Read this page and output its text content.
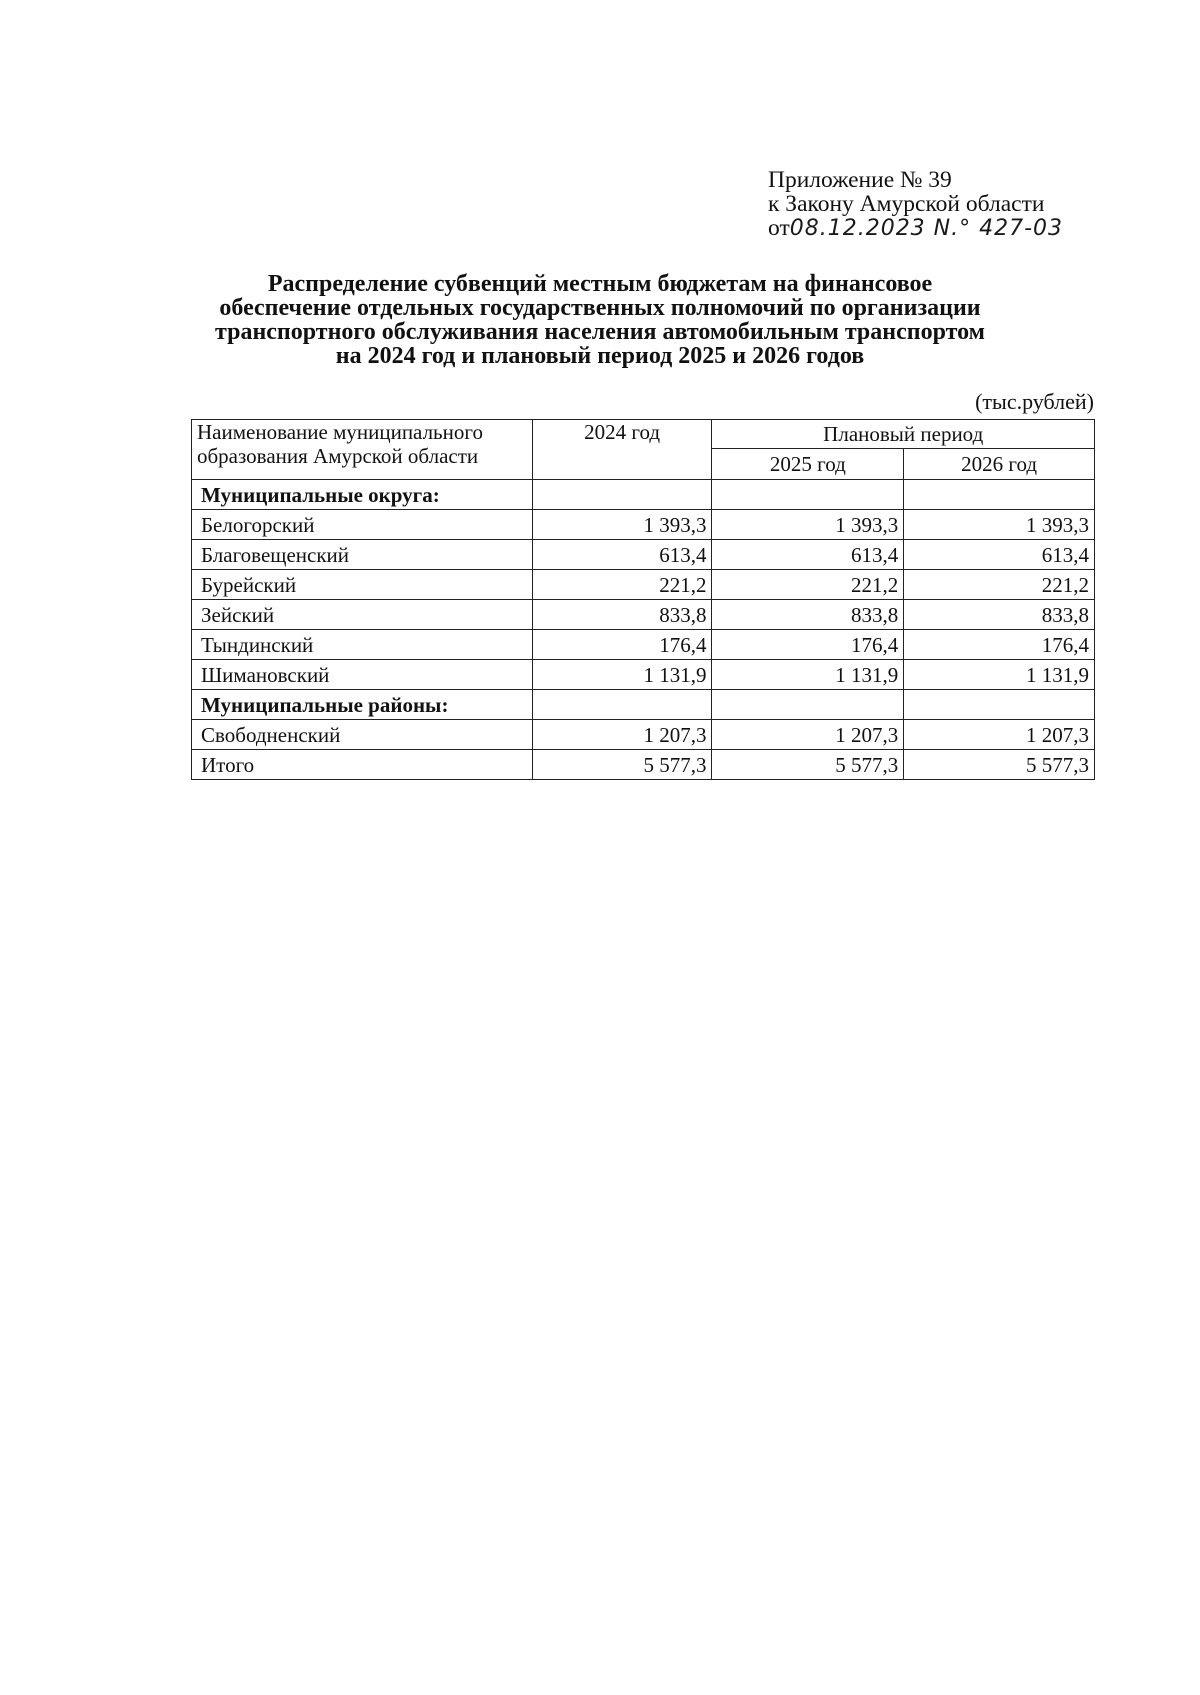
Приложение № 39
к Закону Амурской области
от08.12.2023 N.° 427-03
Распределение субвенций местным бюджетам на финансовое
обеспечение отдельных государственных полномочий по организации
транспортного обслуживания населения автомобильным транспортом
на 2024 год и плановый период 2025 и 2026 годов
(тыс.рублей)
Наименование муниципального
образования Амурской области	2024 год	Плановый период	
		2025 год	2026 год
Муниципальные округа:			
Белогорский	1 393,3	1 393,3	1 393,3
Благовещенский	613,4	613,4	613,4
Бурейский	221,2	221,2	221,2
Зейский	833,8	833,8	833,8
Тындинский	176,4	176,4	176,4
Шимановский	1 131,9	1 131,9	1 131,9
Муниципальные районы:			
Свободненский	1 207,3	1 207,3	1 207,3
Итого	5 577,3	5 577,3	5 577,3
